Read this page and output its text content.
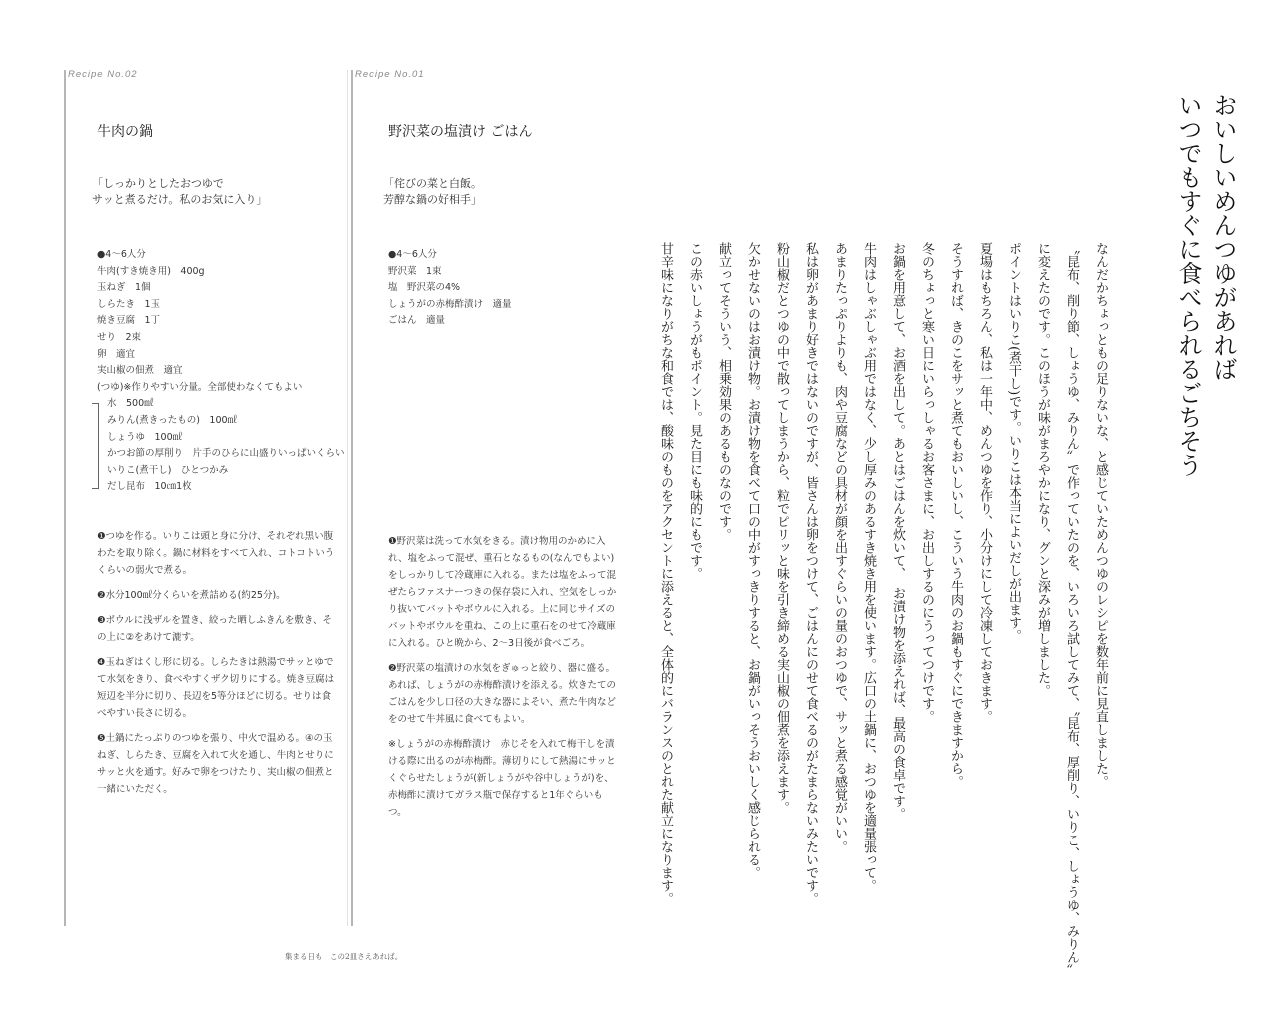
Recipe No.02
牛肉の鍋
「しっかりとしたおつゆで
サッと煮るだけ。私のお気に入り」
●4〜6人分
牛肉(すき焼き用)　400g
玉ねぎ　1個
しらたき　1玉
焼き豆腐　1丁
せり　2束
卵　適宜
実山椒の佃煮　適宜
(つゆ)※作りやすい分量。全部使わなくてもよい
水　500㎖
みりん(煮きったもの)　100㎖
しょうゆ　100㎖
かつお節の厚削り　片手のひらに山盛りいっぱいくらい
いりこ(煮干し)　ひとつかみ
だし昆布　10㎝1枚

❶つゆを作る。いりこは頭と身に分け、それぞれ黒い腹わたを取り除く。鍋に材料をすべて入れ、コトコトいうくらいの弱火で煮る。

❷水分100㎖分くらいを煮詰める(約25分)。

❸ボウルに浅ザルを置き、絞った晒しふきんを敷き、その上に②をあけて漉す。

❹玉ねぎはくし形に切る。しらたきは熱湯でサッとゆでて水気をきり、食べやすくザク切りにする。焼き豆腐は短辺を半分に切り、長辺を5等分ほどに切る。せりは食べやすい長さに切る。

❺土鍋にたっぷりのつゆを張り、中火で温める。④の玉ねぎ、しらたき、豆腐を入れて火を通し、牛肉とせりにサッと火を通す。好みで卵をつけたり、実山椒の佃煮と一緒にいただく。

Recipe No.01
野沢菜の塩漬け ごはん
「侘びの菜と白飯。
芳醇な鍋の好相手」
●4〜6人分
野沢菜　1束
塩　野沢菜の4%
しょうがの赤梅酢漬け　適量
ごはん　適量

❶野沢菜は洗って水気をきる。漬け物用のかめに入れ、塩をふって混ぜ、重石となるもの(なんでもよい)をしっかりして冷蔵庫に入れる。または塩をふって混ぜたらファスナーつきの保存袋に入れ、空気をしっかり抜いてバットやボウルに入れる。上に同じサイズのバットやボウルを重ね、この上に重石をのせて冷蔵庫に入れる。ひと晩から、2〜3日後が食べごろ。

❷野沢菜の塩漬けの水気をぎゅっと絞り、器に盛る。あれば、しょうがの赤梅酢漬けを添える。炊きたてのごはんを少し口径の大きな器によそい、煮た牛肉などをのせて牛丼風に食べてもよい。

※しょうがの赤梅酢漬け　赤じそを入れて梅干しを漬ける際に出るのが赤梅酢。薄切りにして熱湯にサッとくぐらせたしょうが(新しょうがや谷中しょうが)を、赤梅酢に漬けてガラス瓶で保存すると1年ぐらいもつ。

集まる日も　この2皿さえあれば。
おいしいめんつゆがあれば
いつでもすぐに食べられるごちそう
なんだかちょっともの足りないな、と感じていためんつゆのレシピを数年前に見直しました。
〝昆布、削り節、しょうゆ、みりん〟で作っていたのを、いろいろ試してみて、〝昆布、厚削り、いりこ、しょうゆ、みりん〟
に変えたのです。このほうが味がまろやかになり、グンと深みが増しました。
ポイントはいりこ(煮干し)です。いりこは本当によいだしが出ます。
夏場はもちろん、私は一年中、めんつゆを作り、小分けにして冷凍しておきます。
そうすれば、きのこをサッと煮てもおいしいし、こういう牛肉のお鍋もすぐにできますから。
冬のちょっと寒い日にいらっしゃるお客さまに、お出しするのにうってつけです。
お鍋を用意して、お酒を出して。あとはごはんを炊いて、　お漬け物を添えれば、最高の食卓です。
牛肉はしゃぶしゃぶ用ではなく、少し厚みのあるすき焼き用を使います。広口の土鍋に、おつゆを適量張って。
あまりたっぷりよりも、肉や豆腐などの具材が顔を出すぐらいの量のおつゆで、サッと煮る感覚がいい。
私は卵があまり好きではないのですが、皆さんは卵をつけて、ごはんにのせて食べるのがたまらないみたいです。
粉山椒だとつゆの中で散ってしまうから、粒でピリッと味を引き締める実山椒の佃煮を添えます。
欠かせないのはお漬け物。お漬け物を食べて口の中がすっきりすると、お鍋がいっそうおいしく感じられる。
献立ってそういう、相乗効果のあるものなのです。
この赤いしょうがもポイント。見た目にも味的にもです。
甘辛味になりがちな和食では、酸味のものをアクセントに添えると、全体的にバランスのとれた献立になります。
